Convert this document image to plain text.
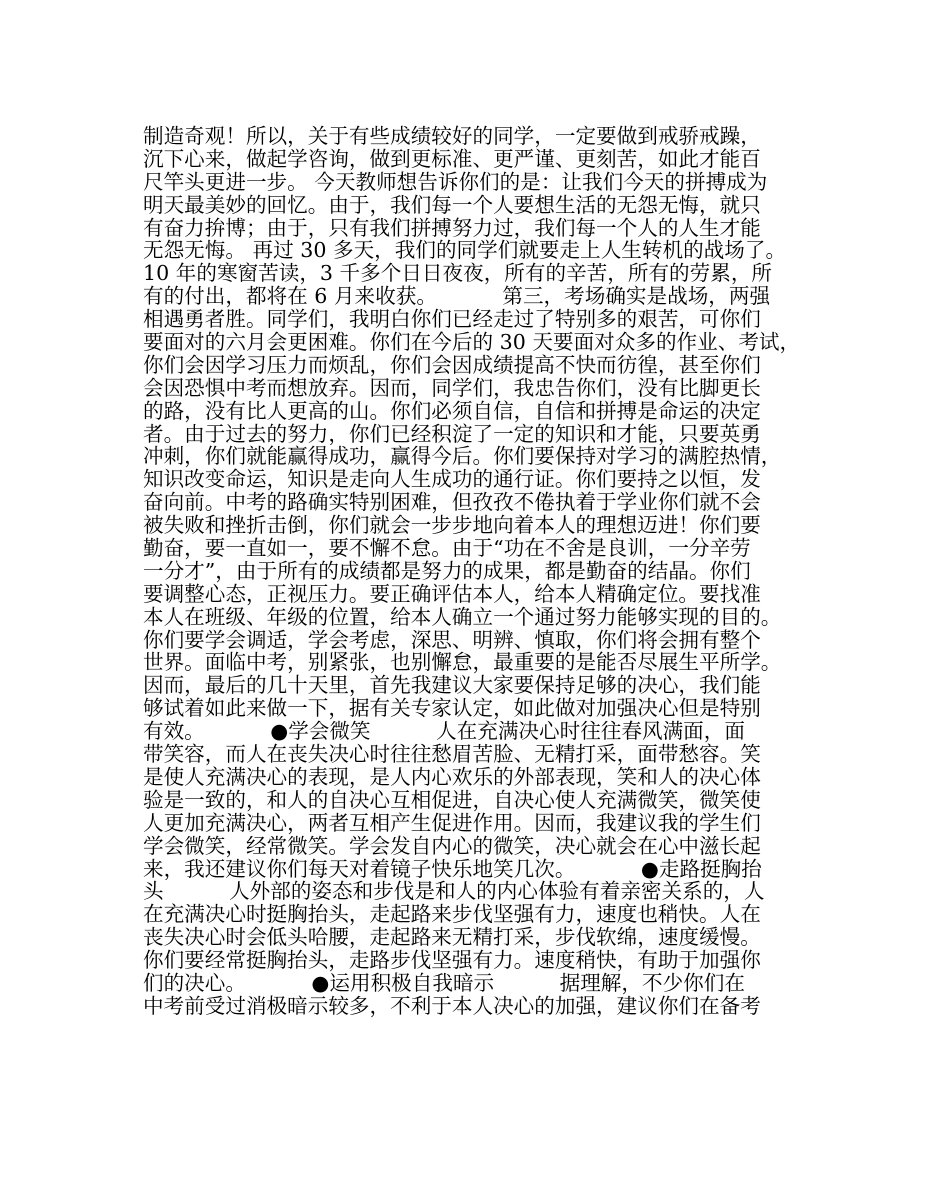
制造奇观！所以，关于有些成绩较好的同学，一定要做到戒骄戒躁，
沉下心来，做起学咨询，做到更标准、更严谨、更刻苦，如此才能百
尺竿头更进一步。 今天教师想告诉你们的是：让我们今天的拼搏成为
明天最美妙的回忆。由于，我们每一个人要想生活的无怨无悔，就只
有奋力拚博；由于，只有我们拼搏努力过，我们每一个人的人生才能
无怨无悔。 再过 30 多天，我们的同学们就要走上人生转机的战场了。
10 年的寒窗苦读，3 千多个日日夜夜，所有的辛苦，所有的劳累，所
有的付出，都将在 6 月来收获。          第三，考场确实是战场，两强
相遇勇者胜。同学们，我明白你们已经走过了特别多的艰苦，可你们
要面对的六月会更困难。你们在今后的 30 天要面对众多的作业、考试，
你们会因学习压力而烦乱，你们会因成绩提高不快而彷徨，甚至你们
会因恐惧中考而想放弃。因而，同学们，我忠告你们，没有比脚更长
的路，没有比人更高的山。你们必须自信，自信和拼搏是命运的决定
者。由于过去的努力，你们已经积淀了一定的知识和才能，只要英勇
冲刺，你们就能赢得成功，赢得今后。你们要保持对学习的满腔热情，
知识改变命运，知识是走向人生成功的通行证。你们要持之以恒，发
奋向前。中考的路确实特别困难，但孜孜不倦执着于学业你们就不会
被失败和挫折击倒，你们就会一步步地向着本人的理想迈进！你们要
勤奋，要一直如一，要不懈不怠。由于“功在不舍是良训，一分辛劳
一分才”，由于所有的成绩都是努力的成果，都是勤奋的结晶。你们
要调整心态，正视压力。要正确评估本人，给本人精确定位。要找准
本人在班级、年级的位置，给本人确立一个通过努力能够实现的目的。
你们要学会调适，学会考虑，深思、明辨、慎取，你们将会拥有整个
世界。面临中考，别紧张，也别懈怠，最重要的是能否尽展生平所学。
因而，最后的几十天里，首先我建议大家要保持足够的决心，我们能
够试着如此来做一下，据有关专家认定，如此做对加强决心但是特别
有效。          ●学会微笑          人在充满决心时往往春风满面，面
带笑容，而人在丧失决心时往往愁眉苦脸、无精打采，面带愁容。笑
是使人充满决心的表现，是人内心欢乐的外部表现，笑和人的决心体
验是一致的，和人的自决心互相促进，自决心使人充满微笑，微笑使
人更加充满决心，两者互相产生促进作用。因而，我建议我的学生们
学会微笑，经常微笑。学会发自内心的微笑，决心就会在心中滋长起
来，我还建议你们每天对着镜子快乐地笑几次。          ●走路挺胸抬
头          人外部的姿态和步伐是和人的内心体验有着亲密关系的，人
在充满决心时挺胸抬头，走起路来步伐坚强有力，速度也稍快。人在
丧失决心时会低头哈腰，走起路来无精打采，步伐软绵，速度缓慢。
你们要经常挺胸抬头，走路步伐坚强有力。速度稍快，有助于加强你
们的决心。          ●运用积极自我暗示          据理解，不少你们在
中考前受过消极暗示较多，不利于本人决心的加强，建议你们在备考
